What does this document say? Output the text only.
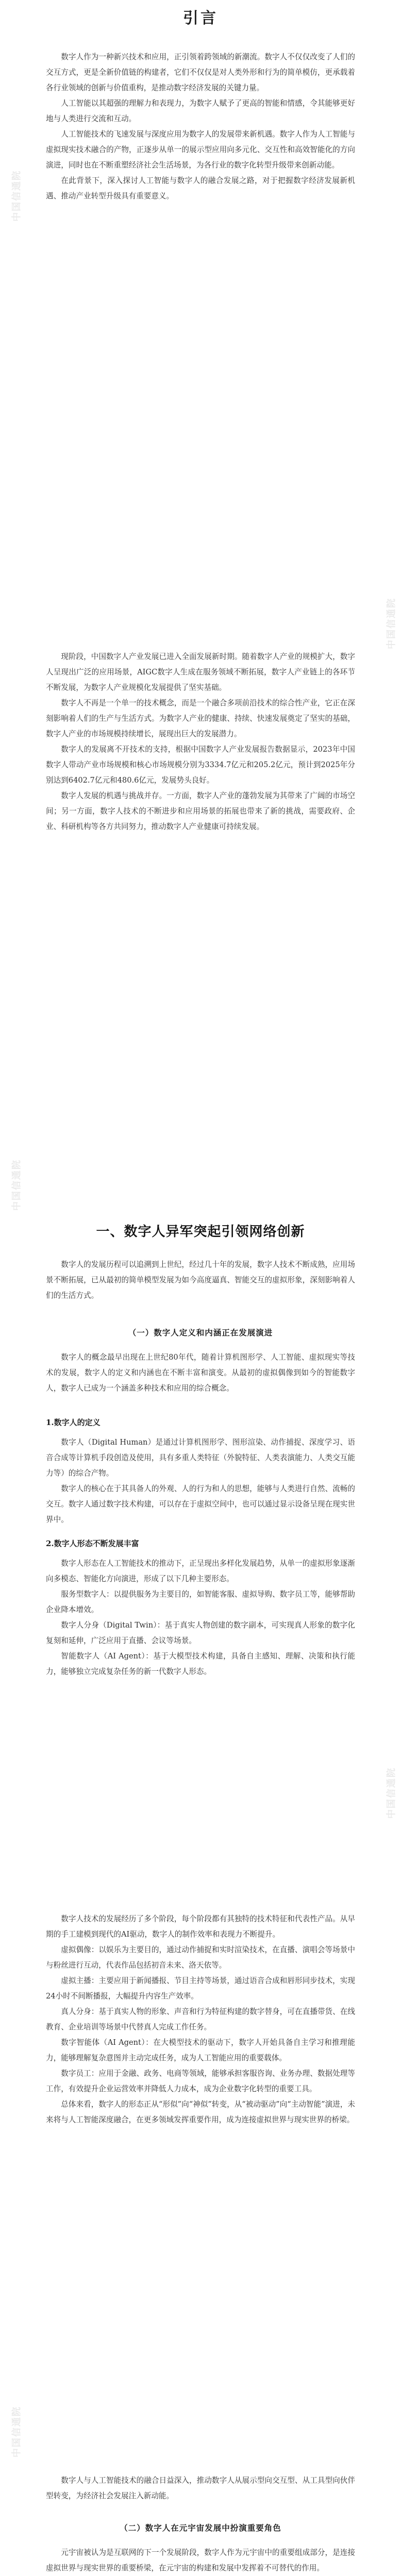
中国信通院
中国信通院
中国信通院
中国信通院
中国信通院
引言

数字人作为一种新兴技术和应用，正引领着跨领域的新潮流。数字人不仅仅改变了人们的交互方式，更是全新价值链的构建者，它们不仅仅是对人类外形和行为的简单模仿，更承载着各行业领域的创新与价值重构，是推动数字经济发展的关键力量。

人工智能以其超强的理解力和表现力，为数字人赋予了更高的智能和情感，令其能够更好地与人类进行交流和互动。

人工智能技术的飞速发展与深度应用为数字人的发展带来新机遇。数字人作为人工智能与虚拟现实技术融合的产物，正逐步从单一的展示型应用向多元化、交互性和高效智能化的方向演进，同时也在不断重塑经济社会生活场景，为各行业的数字化转型升级带来创新动能。

在此背景下，深入探讨人工智能与数字人的融合发展之路，对于把握数字经济发展新机遇、推动产业转型升级具有重要意义。

现阶段，中国数字人产业发展已进入全面发展新时期。随着数字人产业的规模扩大，数字人呈现出广泛的应用场景，AIGC数字人生成在服务领域不断拓展，数字人产业链上的各环节不断发展，为数字人产业规模化发展提供了坚实基础。

数字人不再是一个单一的技术概念，而是一个融合多项前沿技术的综合性产业，它正在深刻影响着人们的生产与生活方式。为数字人产业的健康、持续、快速发展奠定了坚实的基础，数字人产业的市场规模持续增长，展现出巨大的发展潜力。

数字人的发展离不开技术的支持，根据中国数字人产业发展报告数据显示，2023年中国数字人带动产业市场规模和核心市场规模分别为3334.7亿元和205.2亿元，预计到2025年分别达到6402.7亿元和480.6亿元，发展势头良好。

数字人发展的机遇与挑战并存。一方面，数字人产业的蓬勃发展为其带来了广阔的市场空间；另一方面，数字人技术的不断进步和应用场景的拓展也带来了新的挑战，需要政府、企业、科研机构等各方共同努力，推动数字人产业健康可持续发展。

一、数字人异军突起引领网络创新

数字人的发展历程可以追溯到上世纪，经过几十年的发展，数字人技术不断成熟，应用场景不断拓展，已从最初的简单模型发展为如今高度逼真、智能交互的虚拟形象，深刻影响着人们的生活方式。

（一）数字人定义和内涵正在发展演进

数字人的概念最早出现在上世纪80年代，随着计算机图形学、人工智能、虚拟现实等技术的发展，数字人的定义和内涵也在不断丰富和演变。从最初的虚拟偶像到如今的智能数字人，数字人已成为一个涵盖多种技术和应用的综合概念。

1.数字人的定义

数字人（Digital Human）是通过计算机图形学、图形渲染、动作捕捉、深度学习、语音合成等计算机手段创造及使用，具有多重人类特征（外貌特征、人类表演能力、人类交互能力等）的综合产物。

数字人的核心在于其具备人的外观、人的行为和人的思想，能够与人类进行自然、流畅的交互。数字人通过数字技术构建，可以存在于虚拟空间中，也可以通过显示设备呈现在现实世界中。

2.数字人形态不断发展丰富

数字人形态在人工智能技术的推动下，正呈现出多样化发展趋势，从单一的虚拟形象逐渐向多模态、智能化方向演进，形成了以下几种主要形态。

服务型数字人：以提供服务为主要目的，如智能客服、虚拟导购、数字员工等，能够帮助企业降本增效。

数字人分身（Digital Twin）：基于真实人物创建的数字副本，可实现真人形象的数字化复刻和延伸，广泛应用于直播、会议等场景。

智能数字人（AI Agent）：基于大模型技术构建，具备自主感知、理解、决策和执行能力，能够独立完成复杂任务的新一代数字人形态。

数字人技术的发展经历了多个阶段，每个阶段都有其独特的技术特征和代表性产品。从早期的手工建模到现代的AI驱动，数字人的制作效率和表现力不断提升。

虚拟偶像：以娱乐为主要目的，通过动作捕捉和实时渲染技术，在直播、演唱会等场景中与粉丝进行互动，代表作品包括初音未来、洛天依等。

虚拟主播：主要应用于新闻播报、节目主持等场景，通过语音合成和唇形同步技术，实现24小时不间断播报，大幅提升内容生产效率。

真人分身：基于真实人物的形象、声音和行为特征构建的数字替身，可在直播带货、在线教育、企业培训等场景中代替真人完成工作任务。

数字智能体（AI Agent）：在大模型技术的驱动下，数字人开始具备自主学习和推理能力，能够理解复杂意图并主动完成任务，成为人工智能应用的重要载体。

数字员工：应用于金融、政务、电商等领域，能够承担客服咨询、业务办理、数据处理等工作，有效提升企业运营效率并降低人力成本，成为企业数字化转型的重要工具。

总体来看，数字人的形态正从“形似”向“神似”转变，从“被动驱动”向“主动智能”演进，未来将与人工智能深度融合，在更多领域发挥重要作用，成为连接虚拟世界与现实世界的桥梁。

数字人与人工智能技术的融合日益深入，推动数字人从展示型向交互型、从工具型向伙伴型转变，为经济社会发展注入新动能。

（二）数字人在元宇宙发展中扮演重要角色

元宇宙被认为是互联网的下一个发展阶段，数字人作为元宇宙中的重要组成部分，是连接虚拟世界与现实世界的重要桥梁，在元宇宙的构建和发展中发挥着不可替代的作用。
